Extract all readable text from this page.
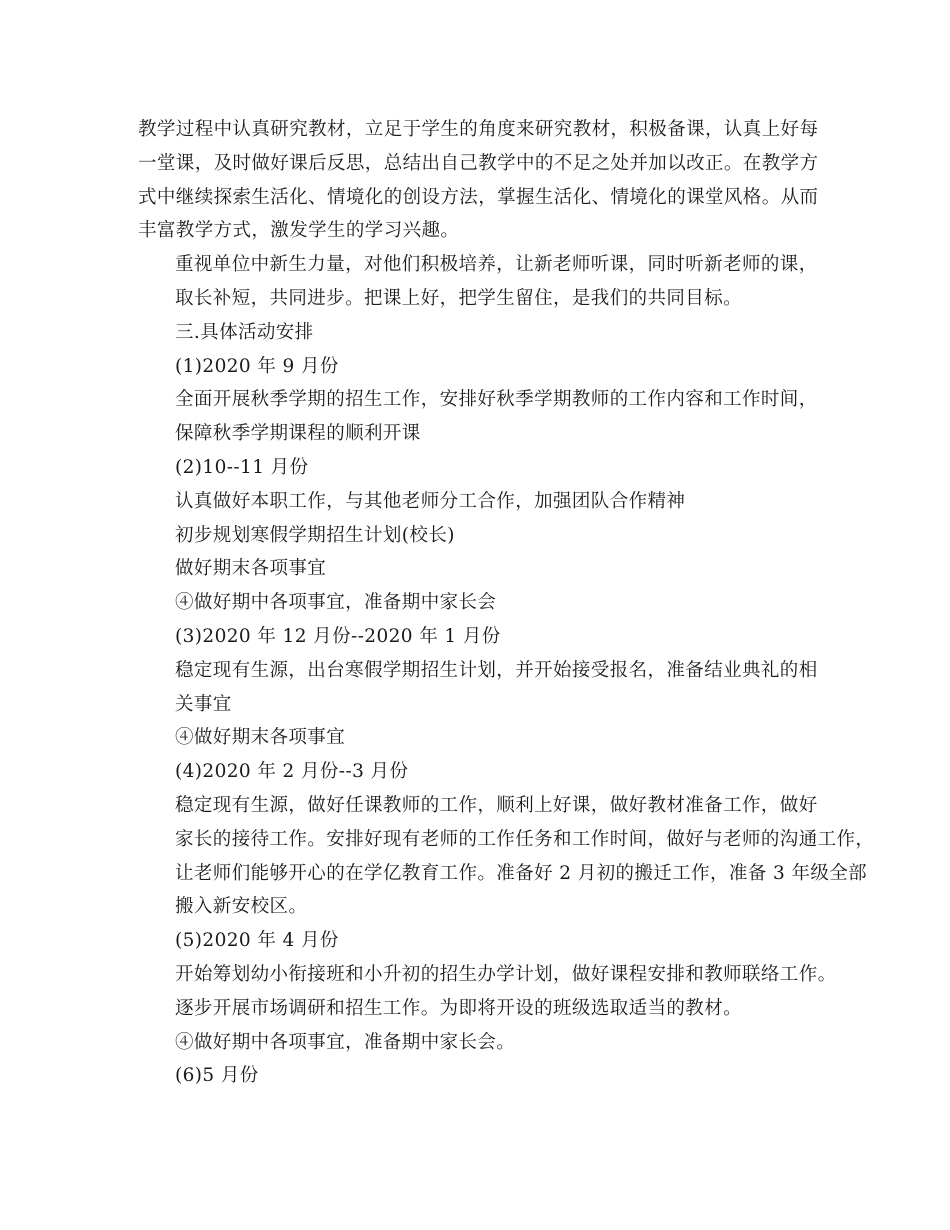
教学过程中认真研究教材，立足于学生的角度来研究教材，积极备课，认真上好每
一堂课，及时做好课后反思，总结出自己教学中的不足之处并加以改正。在教学方
式中继续探索生活化、情境化的创设方法，掌握生活化、情境化的课堂风格。从而
丰富教学方式，激发学生的学习兴趣。

重视单位中新生力量，对他们积极培养，让新老师听课，同时听新老师的课，
取长补短，共同进步。把课上好，把学生留住，是我们的共同目标。

三.具体活动安排

(1)2020 年 9 月份

全面开展秋季学期的招生工作，安排好秋季学期教师的工作内容和工作时间，
保障秋季学期课程的顺利开课

(2)10--11 月份

认真做好本职工作，与其他老师分工合作，加强团队合作精神

初步规划寒假学期招生计划(校长)

做好期末各项事宜

④做好期中各项事宜，准备期中家长会

(3)2020 年 12 月份--2020 年 1 月份

稳定现有生源，出台寒假学期招生计划，并开始接受报名，准备结业典礼的相
关事宜

④做好期末各项事宜

(4)2020 年 2 月份--3 月份

稳定现有生源，做好任课教师的工作，顺利上好课，做好教材准备工作，做好
家长的接待工作。安排好现有老师的工作任务和工作时间，做好与老师的沟通工作，
让老师们能够开心的在学亿教育工作。准备好 2 月初的搬迁工作，准备 3 年级全部
搬入新安校区。

(5)2020 年 4 月份

开始筹划幼小衔接班和小升初的招生办学计划，做好课程安排和教师联络工作。
逐步开展市场调研和招生工作。为即将开设的班级选取适当的教材。

④做好期中各项事宜，准备期中家长会。

(6)5 月份
